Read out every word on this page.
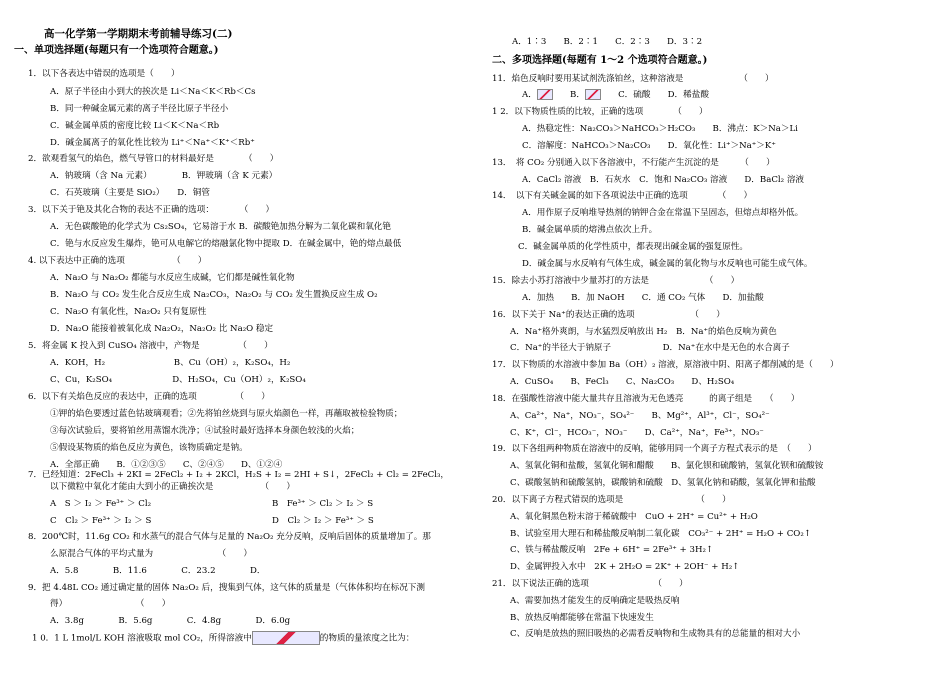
高一化学第一学期期末考前辅导练习(二)
一、单项选择题(每题只有一个选项符合题意。)
1．以下各表达中错误的选项是（　　）
A．原子半径由小到大的挨次是 Li＜Na＜K＜Rb＜Cs
B．同一种碱金属元素的离子半径比原子半径小
C．碱金属单质的密度比较 Li＜K＜Na＜Rb
D．碱金属离子的氧化性比较为 Li⁺＜Na⁺＜K⁺＜Rb⁺
2．欲观看氢气的焰色，燃气导管口的材料最好是　　　　（　　）
A．钠玻璃（含 Na 元素）　　　　B．钾玻璃（含 K 元素）
C．石英玻璃（主要是 SiO₂）　　D．铜管
3．以下关于铯及其化合物的表达不正确的选项：　　　　（　　）
A．无色碳酸铯的化学式为 Cs₂SO₄，它易溶于水 B．碳酸铯加热分解为二氧化碳和氧化铯
C．铯与水反应发生爆炸，铯可从电解它的熔融氯化物中提取 D．在碱金属中，铯的熔点最低
4. 以下表达中正确的选项　　　　　　（　　）
A．Na₂O 与 Na₂O₂ 都能与水反应生成碱，它们都是碱性氧化物
B．Na₂O 与 CO₂ 发生化合反应生成 Na₂CO₃，Na₂O₂ 与 CO₂ 发生置换反应生成 O₂
C．Na₂O 有氧化性，Na₂O₂ 只有复原性
D．Na₂O 能接着被氧化成 Na₂O₂，Na₂O₂ 比 Na₂O 稳定
5．将金属 K 投入到 CuSO₄ 溶液中，产物是　　　　　（　　）
A．KOH，H₂　　　　　　　　B、Cu（OH）₂，K₂SO₄，H₂
C、Cu，K₂SO₄　　　　　　　D、H₂SO₄，Cu（OH）₂，K₂SO₄
6．以下有关焰色反应的表达中，正确的选项　　　　　（　　）
①钾的焰色要透过蓝色钴玻璃观看；②先将铂丝烧到与原火焰颜色一样，再蘸取被检验物质；
③每次试验后，要将铂丝用蒸馏水洗净；④试验时最好选择本身颜色较浅的火焰；
⑤假设某物质的焰色反应为黄色，该物质确定是钠。
A．全部正确　　B．①②③⑤　　C、②④⑤　　D、①②④
7．已经知道：2FeCl₃ + 2KI = 2FeCl₂ + I₂ + 2KCl，H₂S + I₂ = 2HI + S↓，2FeCl₂ + Cl₂ = 2FeCl₃，
以下微粒中氧化才能由大到小的正确挨次是　　　　　　（　　）
A　S ＞ I₂ ＞ Fe³⁺ ＞ Cl₂	B　Fe³⁺ ＞ Cl₂ ＞ I₂ ＞ S
C　Cl₂ ＞ Fe³⁺ ＞ I₂ ＞ S	D　Cl₂ ＞ I₂ ＞ Fe³⁺ ＞ S
8．200℃时，11.6g CO₂ 和水蒸气的混合气体与足量的 Na₂O₂ 充分反响，反响后固体的质量增加了。那
么原混合气体的平均式量为　　　　　　　　（　　）
A．5.8　　　　B．11.6　　　　C．23.2　　　　D．
9．把 4.48L CO₂ 通过确定量的固体 Na₂O₂ 后，搜集到气体，这气体的质量是（气体体积均在标况下测
得）　　　　　　　　　（　　）
A．3.8g　　　　B．5.6g　　　　C．4.8g　　　　D．6.0g
1 0．1 L 1mol/L KOH 溶液吸取 mol CO₂，所得溶液中	的物质的量浓度之比为：
A．1∶3　　B．2∶1　　C．2∶3　　D．3∶2
二、多项选择题(每题有 1～2 个选项符合题意。)
11．焰色反响时要用某试剂洗涤铂丝，这种溶液是　　　　　　　（　　）
A．　　B．　　C．硫酸　　D．稀盐酸
1 2．以下物质性质的比较，正确的选项　　　　（　　）
A．热稳定性：Na₂CO₃＞NaHCO₃＞H₂CO₃　　B．沸点：K＞Na＞Li
C．溶解度：NaHCO₃＞Na₂CO₃　　D．氧化性：Li⁺＞Na⁺＞K⁺
13．　将 CO₂ 分别通入以下各溶液中，不行能产生沉淀的是　　　（　　）
A．CaCl₂ 溶液　B．石灰水　C．饱和 Na₂CO₃ 溶液　　D．BaCl₂ 溶液
14．　以下有关碱金属的如下各项说法中正确的选项　　　　（　　）
A．用作原子反响堆导热剂的钠钾合金在常温下呈固态，但熔点却格外低。
B．碱金属单质的熔沸点依次上升。
C．碱金属单质的化学性质中，都表现出碱金属的强复原性。
D．碱金属与水反响有气体生成，碱金属的氧化物与水反响也可能生成气体。
15．除去小苏打溶液中少量苏打的方法是　　　　　　　（　　）
A．加热　　B．加 NaOH　　C．通 CO₂ 气体　　D．加盐酸
16．以下关于 Na⁺的表达正确的选项　　　　　　　（　　）
A．Na⁺格外爽朗，与水猛烈反响放出 H₂　B．Na⁺的焰色反响为黄色
C．Na⁺的半径大于钠原子　　　　　　D．Na⁺在水中是无色的水合离子
17．以下物质的水溶液中参加 Ba（OH）₂ 溶液，原溶液中阴、阳离子都削减的是（　　）
A．CuSO₄　　B、FeCl₃　　C、Na₂CO₃　　D、H₂SO₄
18．在强酸性溶液中能大量共存且溶液为无色透亮　　　的离子组是　　（　　）
A、Ca²⁺，Na⁺，NO₃⁻，SO₄²⁻　　B、Mg²⁺，Al³⁺，Cl⁻，SO₄²⁻
C、K⁺，Cl⁻，HCO₃⁻，NO₃⁻　　D、Ca²⁺，Na⁺，Fe³⁺，NO₃⁻
19．以下各组两种物质在溶液中的反响，能够用同一个离子方程式表示的是　（　　）
A、氢氧化铜和盐酸，氢氧化铜和醋酸　　B、氯化钡和硫酸钠，氢氧化钡和硫酸铵
C、碳酸氢钠和硫酸氢钠，碳酸钠和硫酸　D、氢氧化钠和硝酸，氢氧化钾和盐酸
20．以下离子方程式错误的选项是　　　　　　　　　（　　）
A、氧化铜黑色粉末溶于稀硫酸中　CuO + 2H⁺ = Cu²⁺ + H₂O
B、试验室用大理石和稀盐酸反响制二氧化碳　CO₃²⁻ + 2H⁺ = H₂O + CO₂↑
C、铁与稀盐酸反响　2Fe + 6H⁺ = 2Fe³⁺ + 3H₂↑
D、金属钾投入水中　2K + 2H₂O = 2K⁺ + 2OH⁻ + H₂↑
21．以下说法正确的选项　　　　　　　　（　　）
A、需要加热才能发生的反响确定是吸热反响
B、放热反响都能够在常温下快速发生
C、反响是放热的照旧吸热的必需看反响物和生成物具有的总能量的相对大小
